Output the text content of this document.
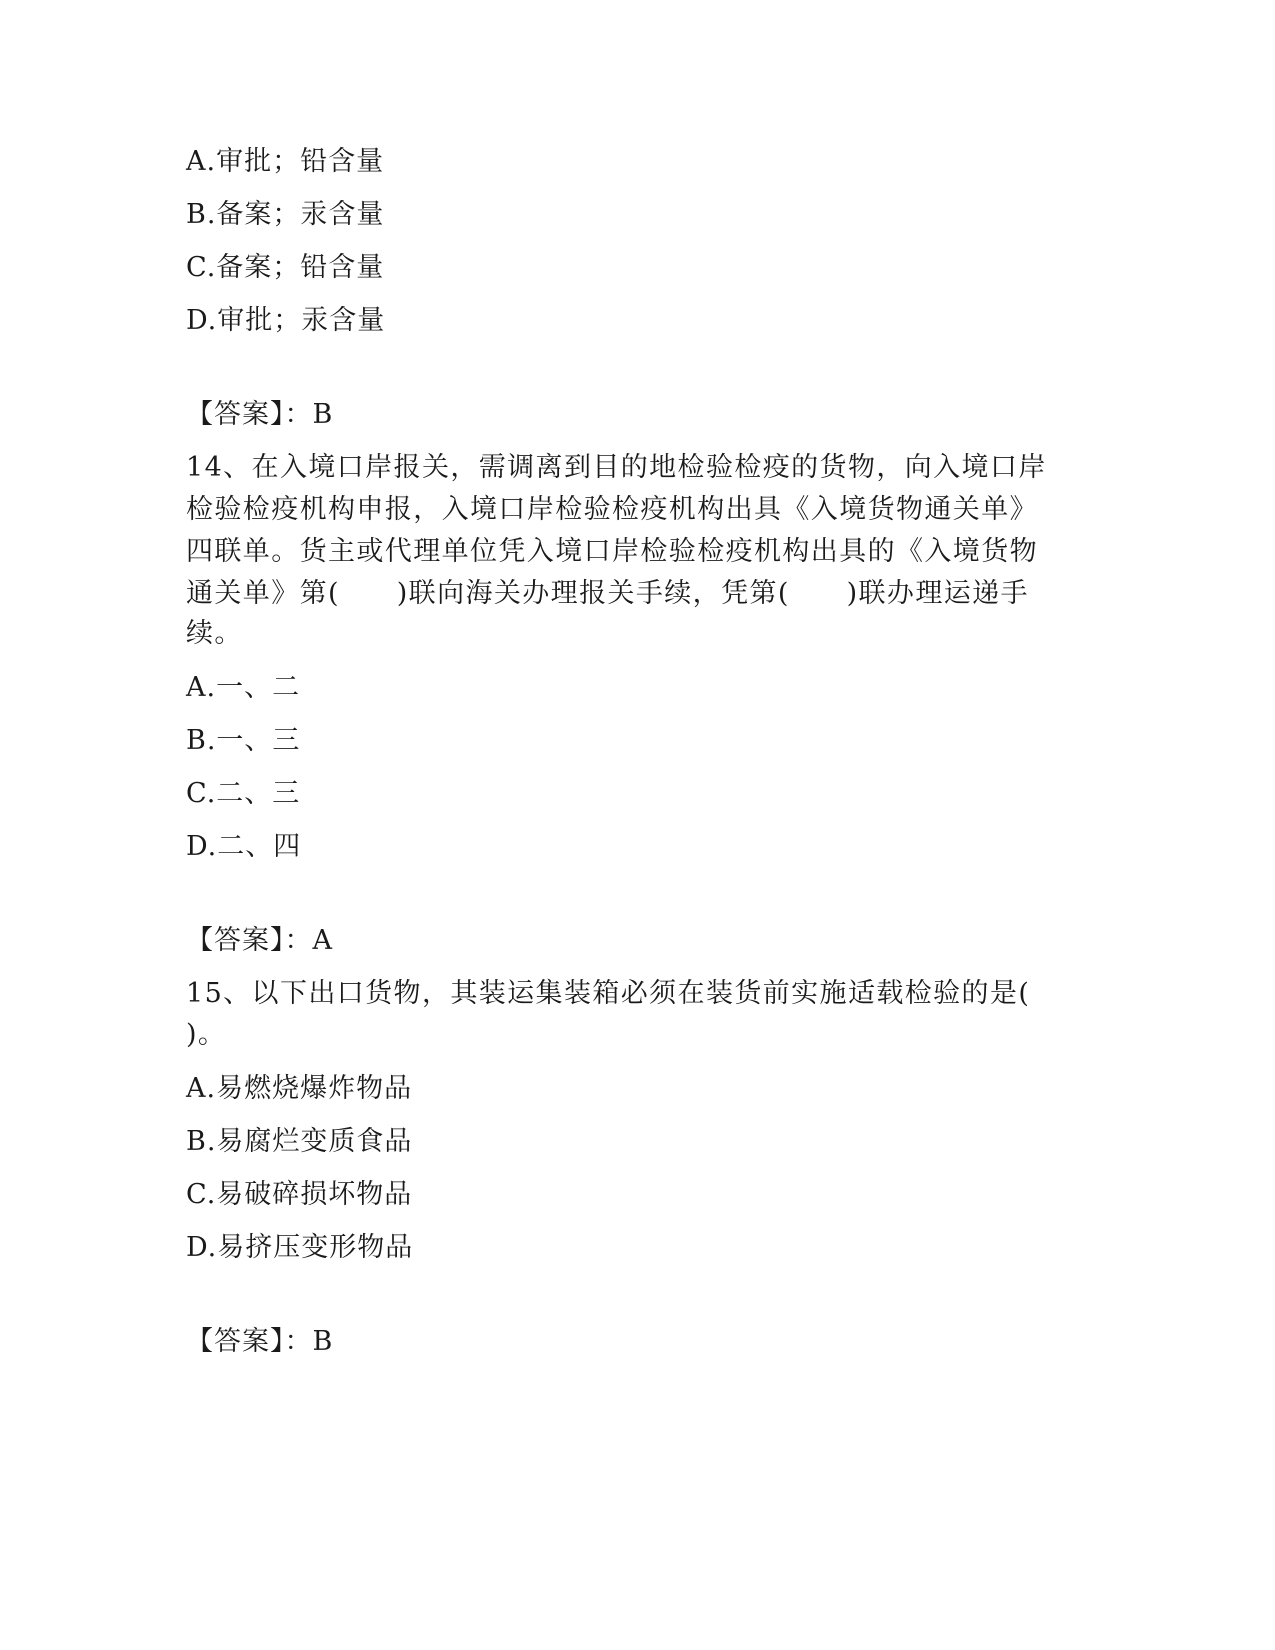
A.审批；铅含量
B.备案；汞含量
C.备案；铅含量
D.审批；汞含量
【答案】：B
14、在入境口岸报关，需调离到目的地检验检疫的货物，向入境口岸
检验检疫机构申报，入境口岸检验检疫机构出具《入境货物通关单》
四联单。货主或代理单位凭入境口岸检验检疫机构出具的《入境货物
通关单》第(　　)联向海关办理报关手续，凭第(　　)联办理运递手
续。
A.一、二
B.一、三
C.二、三
D.二、四
【答案】：A
15、以下出口货物，其装运集装箱必须在装货前实施适载检验的是(
)。
A.易燃烧爆炸物品
B.易腐烂变质食品
C.易破碎损坏物品
D.易挤压变形物品
【答案】：B
